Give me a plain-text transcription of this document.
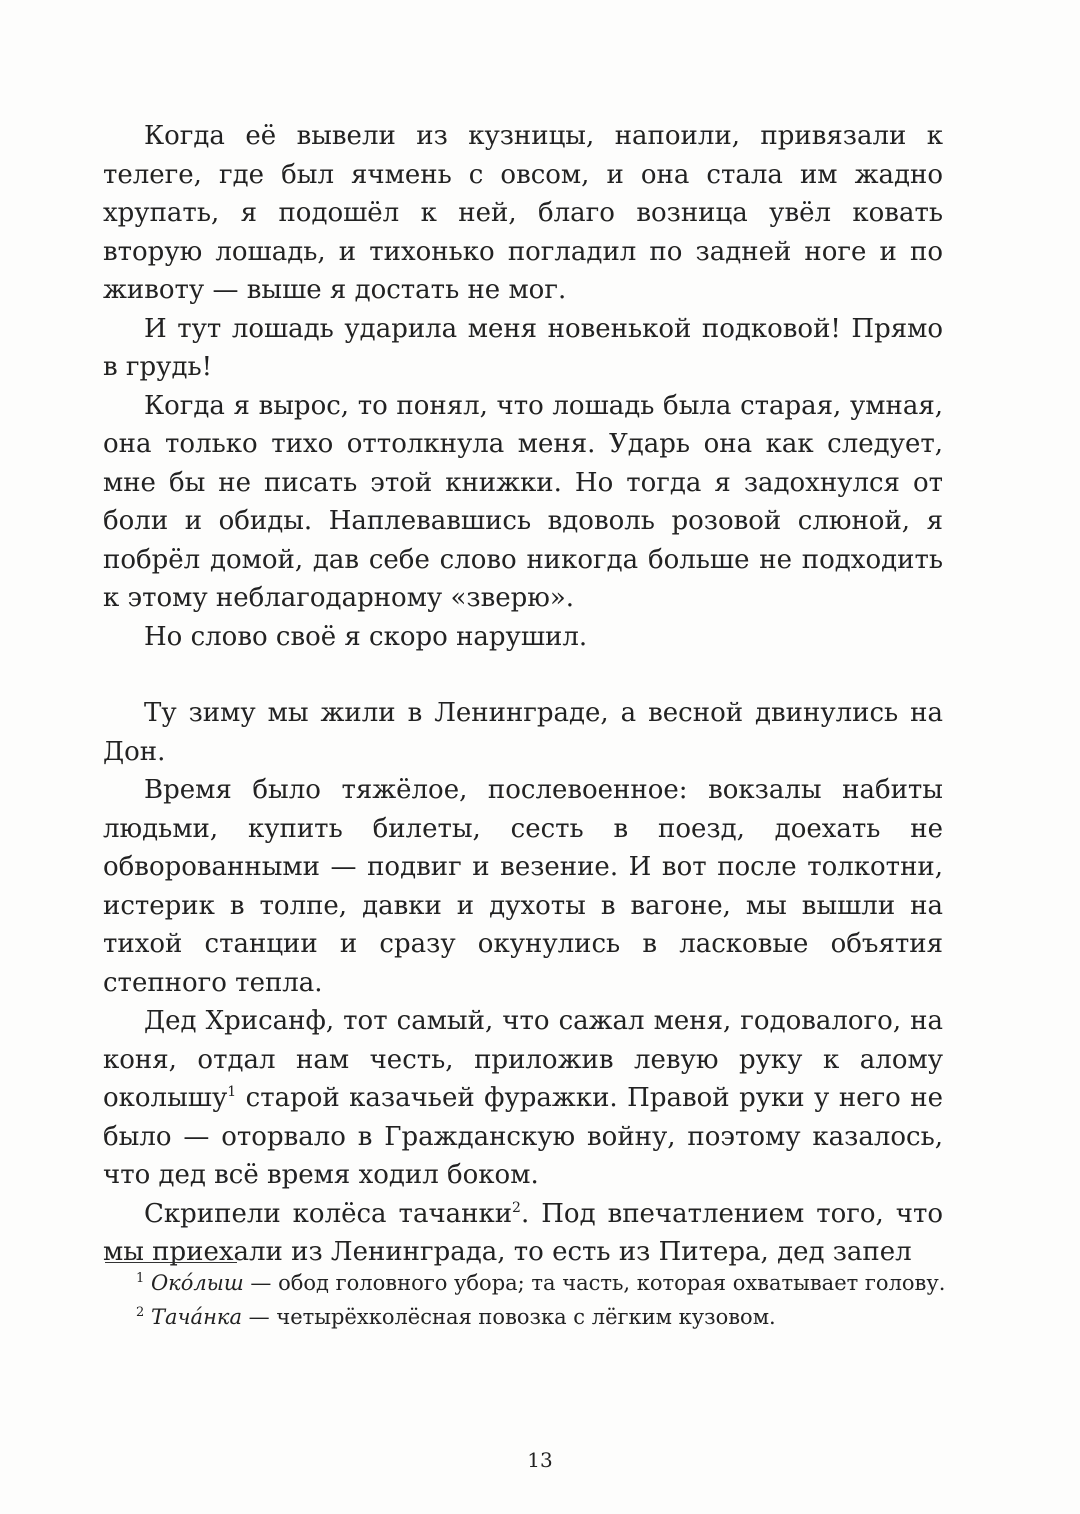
Когда её вывели из кузницы, напоили, привязали к телеге, где был ячмень с овсом, и она стала им жадно хрупать, я подошёл к ней, благо возница увёл ковать вторую лошадь, и тихонько погладил по задней ноге и по животу — выше я достать не мог.

И тут лошадь ударила меня новенькой подковой! Прямо в грудь!

Когда я вырос, то понял, что лошадь была старая, умная, она только тихо оттолкнула меня. Ударь она как следует, мне бы не писать этой книжки. Но тогда я задохнулся от боли и обиды. Наплевавшись вдоволь розовой слюной, я побрёл домой, дав себе слово никогда больше не подходить к этому неблагодарному «зверю».

Но слово своё я скоро нарушил.

Ту зиму мы жили в Ленинграде, а весной двинулись на Дон.

Время было тяжёлое, послевоенное: вокзалы набиты людьми, купить билеты, сесть в поезд, доехать не обворованными — подвиг и везение. И вот после толкотни, истерик в толпе, давки и духоты в вагоне, мы вышли на тихой станции и сразу окунулись в ласковые объятия степного тепла.

Дед Хрисанф, тот самый, что сажал меня, годовалого, на коня, отдал нам честь, приложив левую руку к алому околышу$^1$ старой казачьей фуражки. Правой руки у него не было — оторвало в Гражданскую войну, поэтому казалось, что дед всё время ходил боком.

Скрипели колёса тачанки$^2$. Под впечатлением того, что мы приехали из Ленинграда, то есть из Питера, дед запел

$^1$ Око́лыш — обод головного убора; та часть, которая охватывает голову.

$^2$ Тача́нка — четырёхколёсная повозка с лёгким кузовом.

13
